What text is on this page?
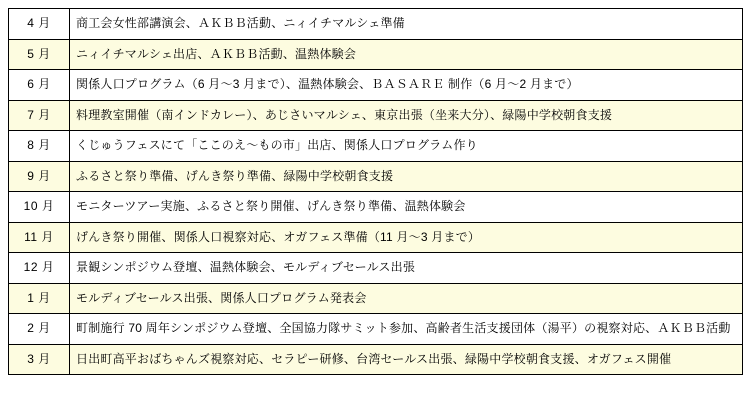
4 月	商工会女性部講演会、ＡＫＢＢ活動、ニィイチマルシェ準備
5 月	ニィイチマルシェ出店、ＡＫＢＢ活動、温熱体験会
6 月	関係人口プログラム（6 月～3 月まで）、温熱体験会、ＢＡＳＡＲＥ 制作（6 月～2 月まで）
7 月	料理教室開催（南インドカレー）、あじさいマルシェ、東京出張（坐来大分）、緑陽中学校朝食支援
8 月	くじゅうフェスにて「ここのえ～もの市」出店、関係人口プログラム作り
9 月	ふるさと祭り準備、げんき祭り準備、緑陽中学校朝食支援
10 月	モニターツアー実施、ふるさと祭り開催、げんき祭り準備、温熱体験会
11 月	げんき祭り開催、関係人口視察対応、オガフェス準備（11 月～3 月まで）
12 月	景観シンポジウム登壇、温熱体験会、モルディブセールス出張
1 月	モルディブセールス出張、関係人口プログラム発表会
2 月	町制施行 70 周年シンポジウム登壇、全国協力隊サミット参加、高齢者生活支援団体（湯平）の視察対応、ＡＫＢＢ活動
3 月	日出町高平おばちゃんズ視察対応、セラピー研修、台湾セールス出張、緑陽中学校朝食支援、オガフェス開催
